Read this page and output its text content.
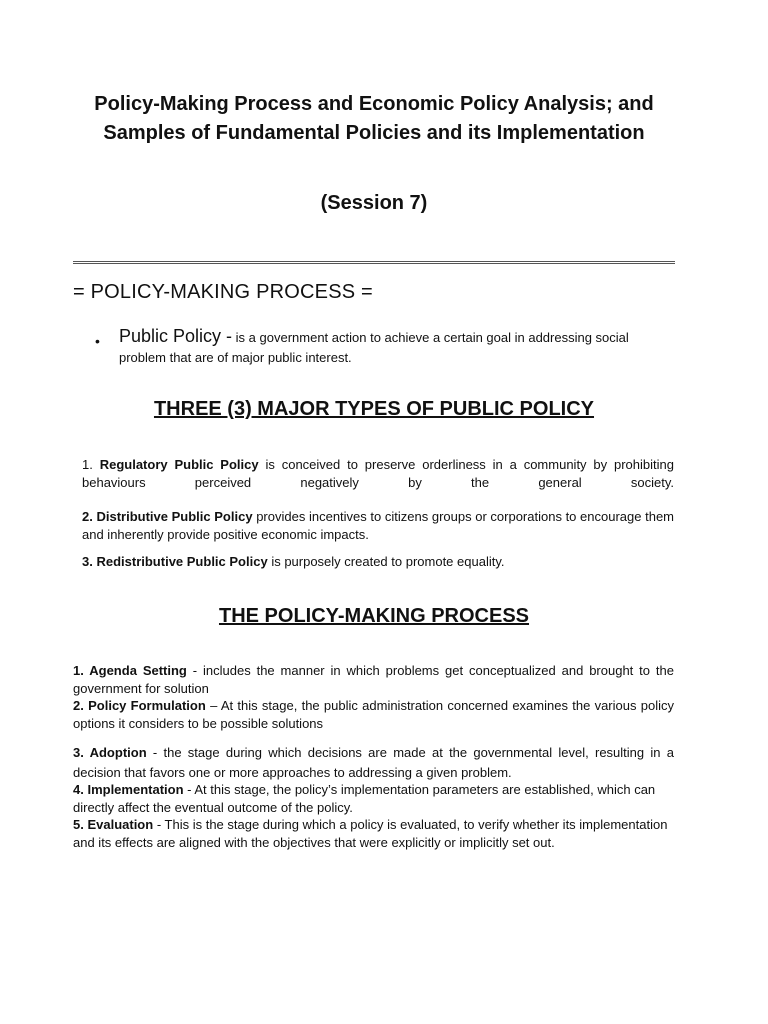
Policy-Making Process and Economic Policy Analysis; and Samples of Fundamental Policies and its Implementation
(Session 7)
= POLICY-MAKING PROCESS =
• Public Policy - is a government action to achieve a certain goal in addressing social problem that are of major public interest.
THREE (3) MAJOR TYPES OF PUBLIC POLICY

1. Regulatory Public Policy is conceived to preserve orderliness in a community by prohibiting behaviours perceived negatively by the general society.

2. Distributive Public Policy provides incentives to citizens groups or corporations to encourage them and inherently provide positive economic impacts.

3. Redistributive Public Policy is purposely created to promote equality.

THE POLICY-MAKING PROCESS

1. Agenda Setting - includes the manner in which problems get conceptualized and brought to the government for solution

2. Policy Formulation – At this stage, the public administration concerned examines the various policy options it considers to be possible solutions

3. Adoption - the stage during which decisions are made at the governmental level, resulting in a decision that favors one or more approaches to addressing a given problem.

4. Implementation - At this stage, the policy’s implementation parameters are established, which can directly affect the eventual outcome of the policy.

5. Evaluation - This is the stage during which a policy is evaluated, to verify whether its implementation and its effects are aligned with the objectives that were explicitly or implicitly set out.
